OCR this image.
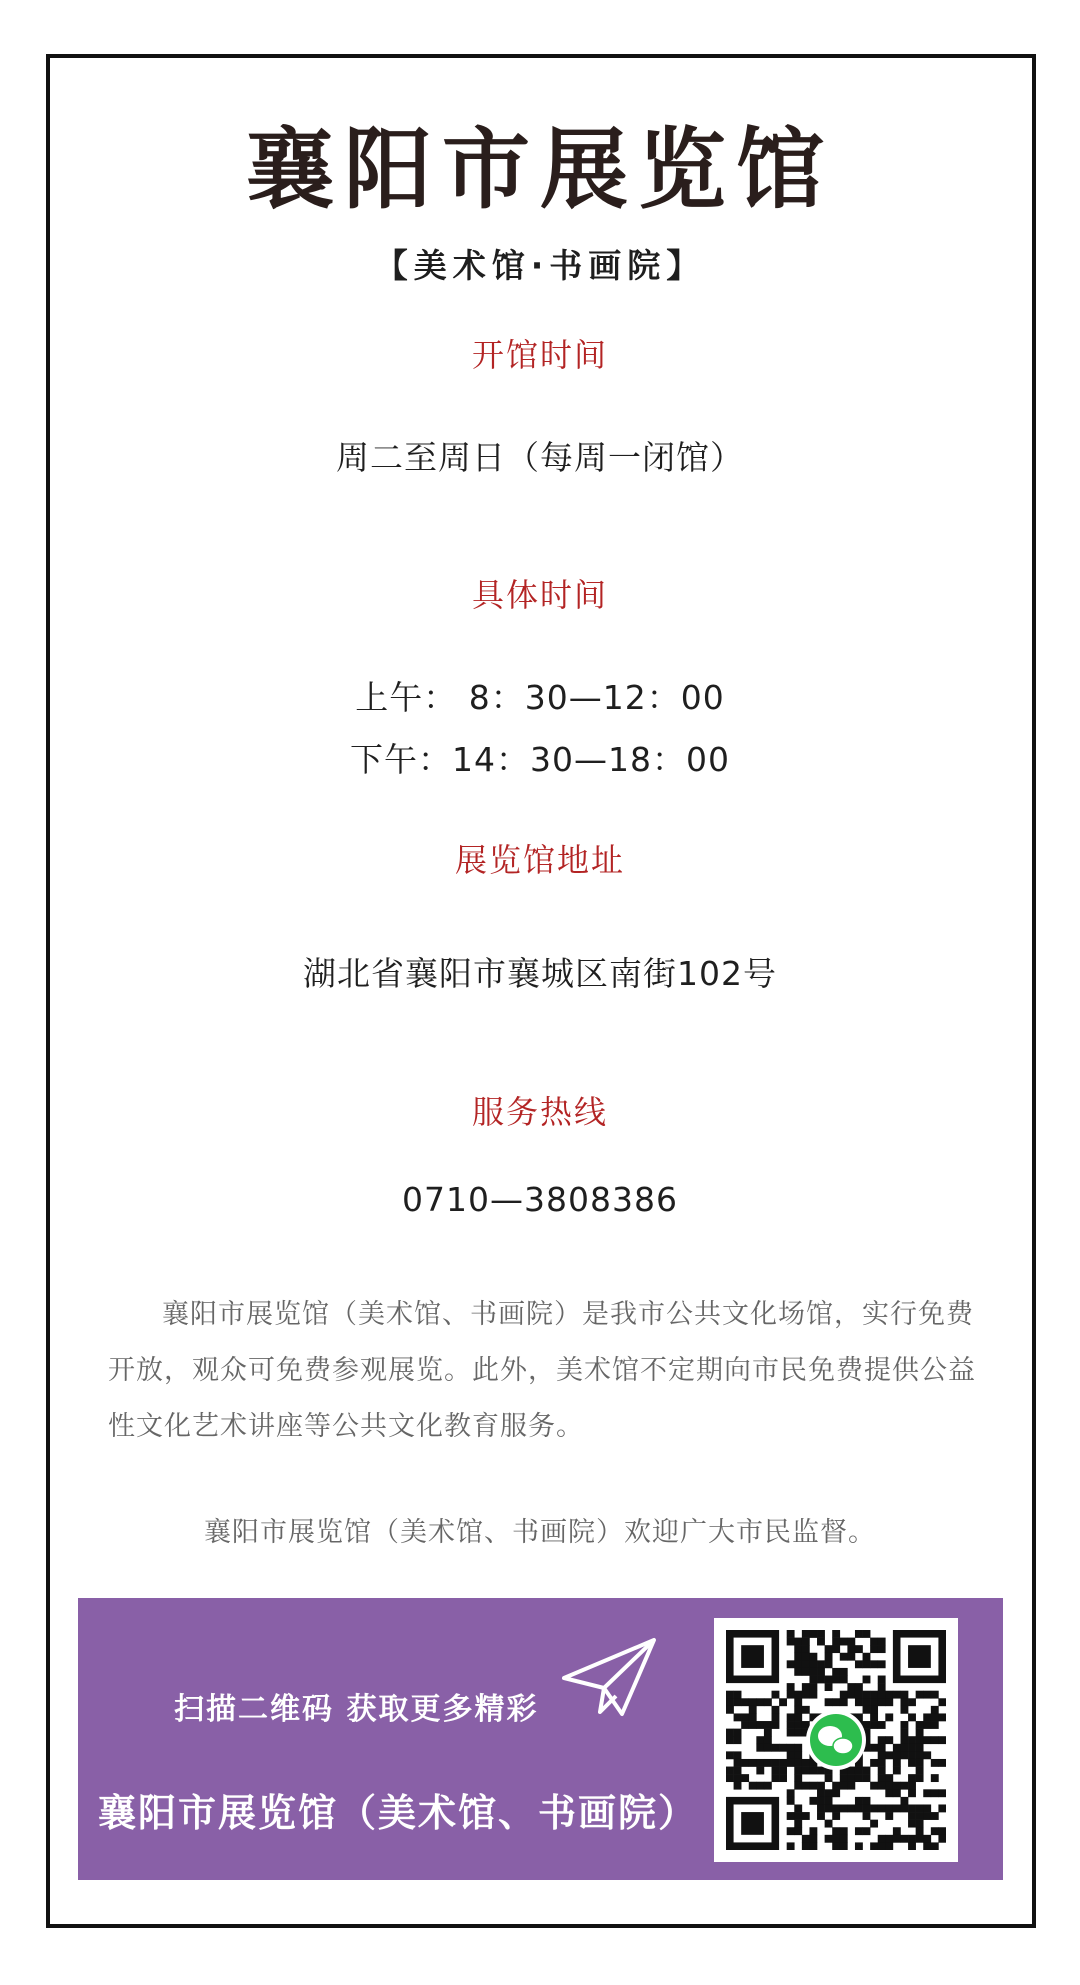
襄阳市展览馆
【美术馆·书画院】
开馆时间
周二至周日（每周一闭馆）
具体时间
上午： 8：30—12：00
下午：14：30—18：00
展览馆地址
湖北省襄阳市襄城区南街102号
服务热线
0710—3808386
襄阳市展览馆（美术馆、书画院）是我市公共文化场馆，实行免费开放，观众可免费参观展览。此外，美术馆不定期向市民免费提供公益性文化艺术讲座等公共文化教育服务。
襄阳市展览馆（美术馆、书画院）欢迎广大市民监督。
扫描二维码 获取更多精彩
襄阳市展览馆（美术馆、书画院）
